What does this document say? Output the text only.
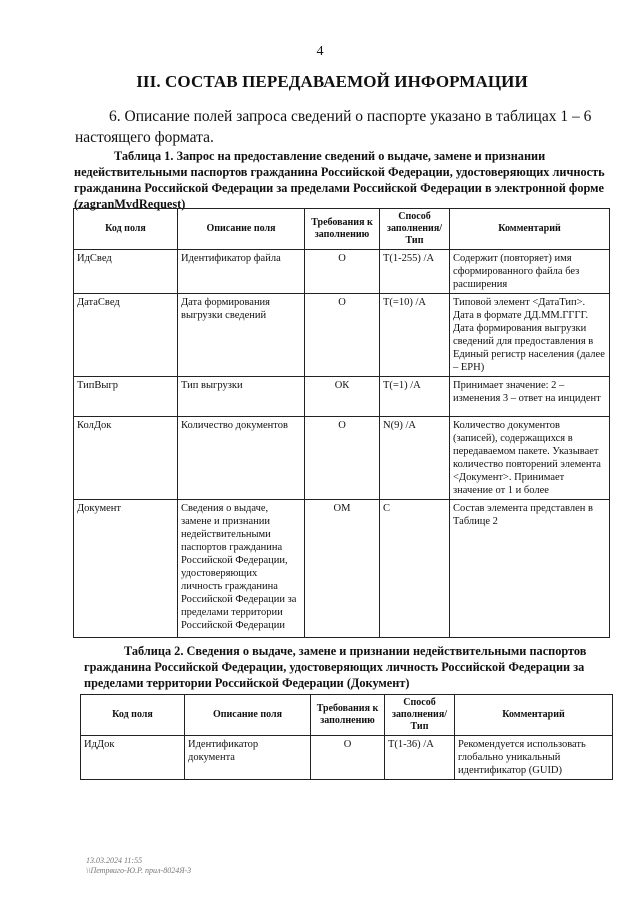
4
III. СОСТАВ ПЕРЕДАВАЕМОЙ ИНФОРМАЦИИ
6. Описание полей запроса сведений о паспорте указано в таблицах 1 – 6 настоящего формата.
Таблица 1. Запрос на предоставление сведений о выдаче, замене и признании недействительными паспортов гражданина Российской Федерации, удостоверяющих личность гражданина Российской Федерации за пределами Российской Федерации в электронной форме (zagranMvdRequest)
Код поля	Описание поля	Требования к заполнению	Способ заполнения/ Тип	Комментарий
ИдСвед	Идентификатор файла	О	Т(1-255) /А	Содержит (повторяет) имя сформированного файла без расширения
ДатаСвед	Дата формирования выгрузки сведений	О	Т(=10) /А	Типовой элемент <ДатаТип>. Дата в формате ДД.ММ.ГГГГ. Дата формирования выгрузки сведений для предоставления в Единый регистр населения (далее – ЕРН)
ТипВыгр	Тип выгрузки	ОК	Т(=1) /А	Принимает значение: 2 – изменения 3 – ответ на инцидент
КолДок	Количество документов	О	N(9) /А	Количество документов (записей), содержащихся в передаваемом пакете. Указывает количество повторений элемента <Документ>. Принимает значение от 1 и более
Документ	Сведения о выдаче, замене и признании недействительными паспортов гражданина Российской Федерации, удостоверяющих личность гражданина Российской Федерации за пределами территории Российской Федерации	ОМ	С	Состав элемента представлен в Таблице 2
Таблица 2. Сведения о выдаче, замене и признании недействительными паспортов гражданина Российской Федерации, удостоверяющих личность Российской Федерации за пределами территории Российской Федерации (Документ)
Код поля	Описание поля	Требования к заполнению	Способ заполнения/ Тип	Комментарий
ИдДок	Идентификатор документа	О	Т(1-36) /А	Рекомендуется использовать глобально уникальный идентификатор (GUID)
13.03.2024 11:55
\\Петрвиго-Ю.Р. прил-8024Я-3
